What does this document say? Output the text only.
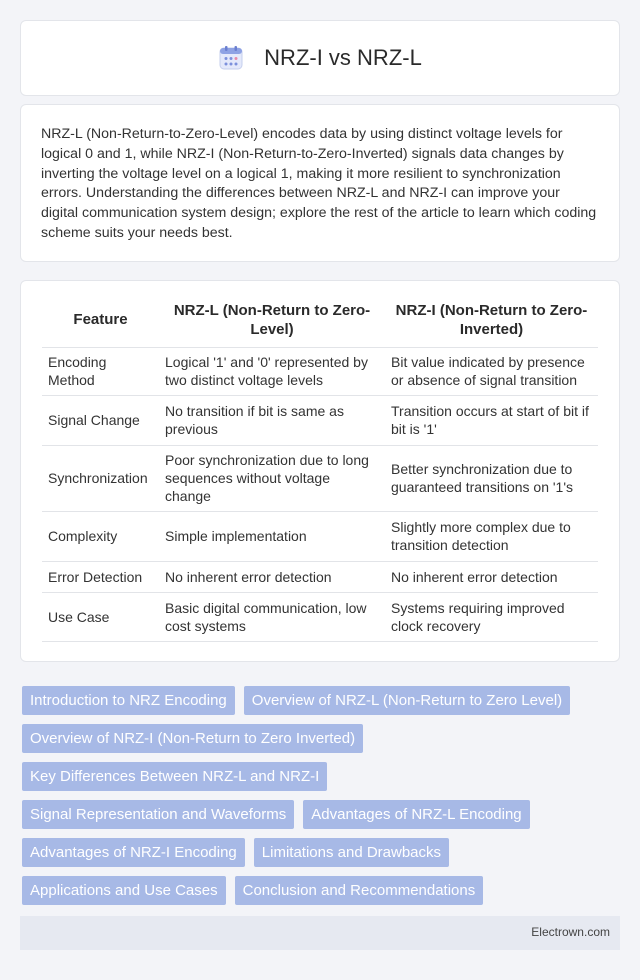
NRZ-I vs NRZ-L

NRZ-L (Non-Return-to-Zero-Level) encodes data by using distinct voltage levels for logical 0 and 1, while NRZ-I (Non-Return-to-Zero-Inverted) signals data changes by inverting the voltage level on a logical 1, making it more resilient to synchronization errors. Understanding the differences between NRZ-L and NRZ-I can improve your digital communication system design; explore the rest of the article to learn which coding scheme suits your needs best.

Feature	NRZ-L (Non-Return to Zero-Level)	NRZ-I (Non-Return to Zero-Inverted)
Encoding Method	Logical '1' and '0' represented by two distinct voltage levels	Bit value indicated by presence or absence of signal transition
Signal Change	No transition if bit is same as previous	Transition occurs at start of bit if bit is '1'
Synchronization	Poor synchronization due to long sequences without voltage change	Better synchronization due to guaranteed transitions on '1's
Complexity	Simple implementation	Slightly more complex due to transition detection
Error Detection	No inherent error detection	No inherent error detection
Use Case	Basic digital communication, low cost systems	Systems requiring improved clock recovery
Introduction to NRZ Encoding	Overview of NRZ-L (Non-Return to Zero Level)
Overview of NRZ-I (Non-Return to Zero Inverted)
Key Differences Between NRZ-L and NRZ-I
Signal Representation and Waveforms	Advantages of NRZ-L Encoding
Advantages of NRZ-I Encoding	Limitations and Drawbacks
Applications and Use Cases	Conclusion and Recommendations
Electrown.com
